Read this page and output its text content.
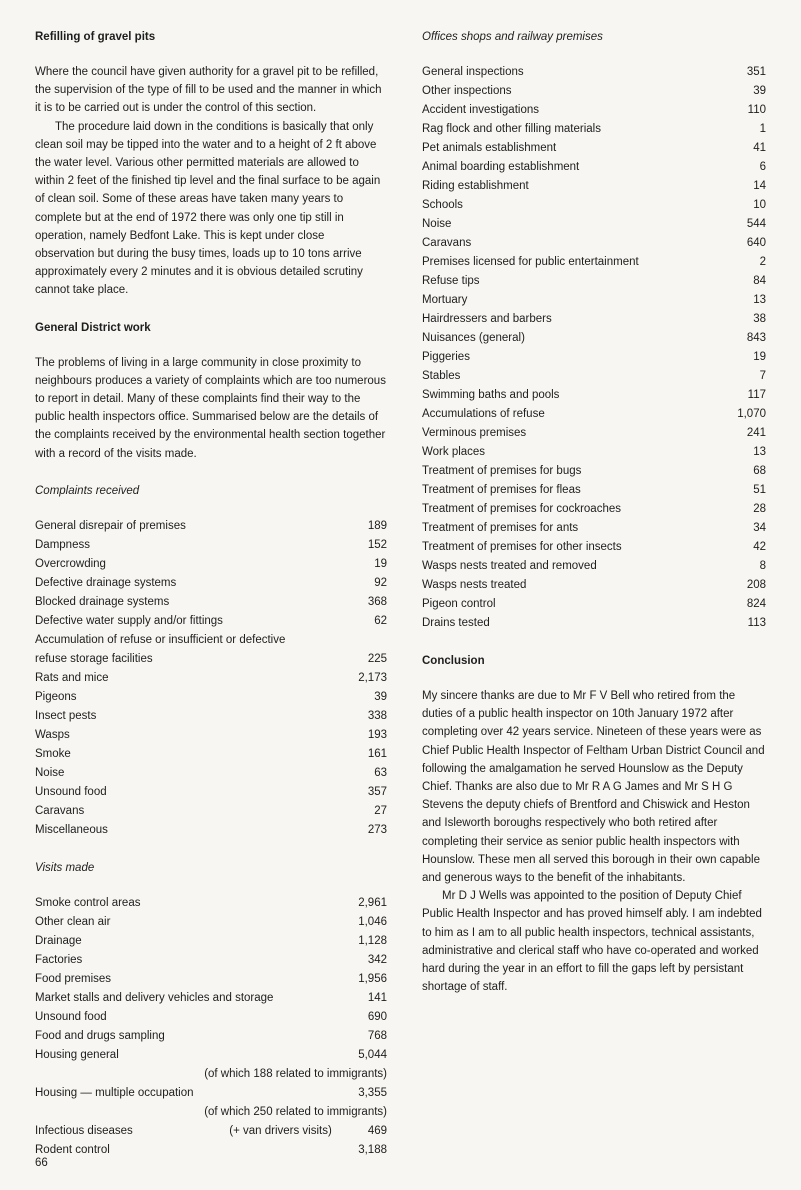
Refilling of gravel pits

Where the council have given authority for a gravel pit to be refilled, the supervision of the type of fill to be used and the manner in which it is to be carried out is under the control of this section.

The procedure laid down in the conditions is basically that only clean soil may be tipped into the water and to a height of 2 ft above the water level. Various other permitted materials are allowed to within 2 feet of the finished tip level and the final surface to be again of clean soil. Some of these areas have taken many years to complete but at the end of 1972 there was only one tip still in operation, namely Bedfont Lake. This is kept under close observation but during the busy times, loads up to 10 tons arrive approximately every 2 minutes and it is obvious detailed scrutiny cannot take place.

General District work

The problems of living in a large community in close proximity to neighbours produces a variety of complaints which are too numerous to report in detail. Many of these complaints find their way to the public health inspectors office. Summarised below are the details of the complaints received by the environmental health section together with a record of the visits made.

Complaints received
General disrepair of premises	189
Dampness	152
Overcrowding	19
Defective drainage systems	92
Blocked drainage systems	368
Defective water supply and/or fittings	62
Accumulation of refuse or insufficient or defective
refuse storage facilities	225
Rats and mice	2,173
Pigeons	39
Insect pests	338
Wasps	193
Smoke	161
Noise	63
Unsound food	357
Caravans	27
Miscellaneous	273
Visits made
Smoke control areas	2,961
Other clean air	1,046
Drainage	1,128
Factories	342
Food premises	1,956
Market stalls and delivery vehicles and storage	141
Unsound food	690
Food and drugs sampling	768
Housing general	5,044
(of which 188 related to immigrants)
Housing — multiple occupation	3,355
(of which 250 related to immigrants)
Infectious diseases	(+ van drivers visits)	469
Rodent control	3,188
Offices shops and railway premises
General inspections	351
Other inspections	39
Accident investigations	110
Rag flock and other filling materials	1
Pet animals establishment	41
Animal boarding establishment	6
Riding establishment	14
Schools	10
Noise	544
Caravans	640
Premises licensed for public entertainment	2
Refuse tips	84
Mortuary	13
Hairdressers and barbers	38
Nuisances (general)	843
Piggeries	19
Stables	7
Swimming baths and pools	117
Accumulations of refuse	1,070
Verminous premises	241
Work places	13
Treatment of premises for bugs	68
Treatment of premises for fleas	51
Treatment of premises for cockroaches	28
Treatment of premises for ants	34
Treatment of premises for other insects	42
Wasps nests treated and removed	8
Wasps nests treated	208
Pigeon control	824
Drains tested	113
Conclusion

My sincere thanks are due to Mr F V Bell who retired from the duties of a public health inspector on 10th January 1972 after completing over 42 years service. Nineteen of these years were as Chief Public Health Inspector of Feltham Urban District Council and following the amalgamation he served Hounslow as the Deputy Chief. Thanks are also due to Mr R A G James and Mr S H G Stevens the deputy chiefs of Brentford and Chiswick and Heston and Isleworth boroughs respectively who both retired after completing their service as senior public health inspectors with Hounslow. These men all served this borough in their own capable and generous ways to the benefit of the inhabitants.

Mr D J Wells was appointed to the position of Deputy Chief Public Health Inspector and has proved himself ably. I am indebted to him as I am to all public health inspectors, technical assistants, administrative and clerical staff who have co-operated and worked hard during the year in an effort to fill the gaps left by persistant shortage of staff.

66
